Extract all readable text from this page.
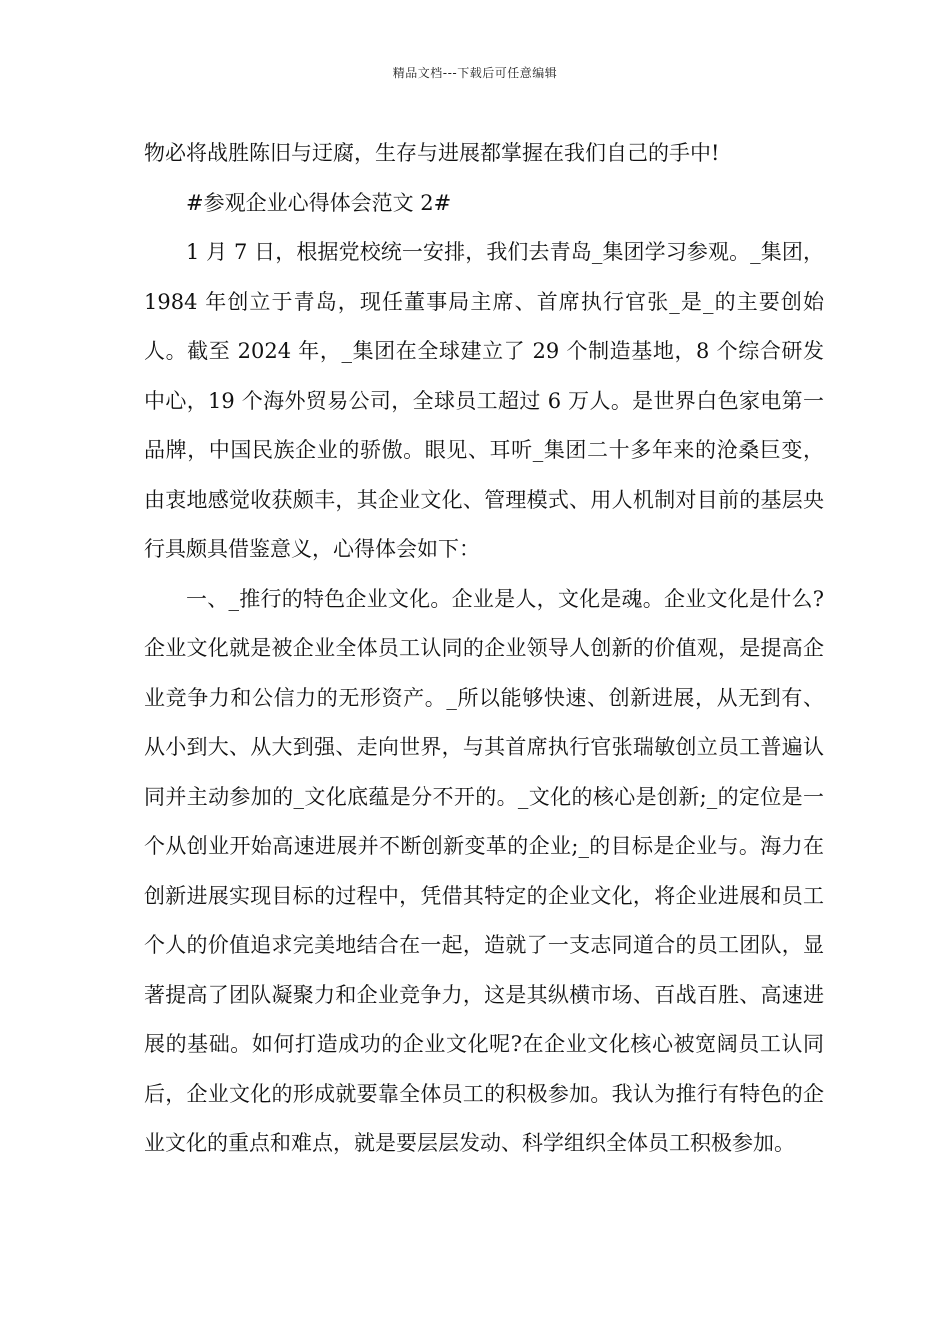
精品文档---下载后可任意编辑

物必将战胜陈旧与迂腐，生存与进展都掌握在我们自己的手中!

#参观企业心得体会范文 2#

1 月 7 日，根据党校统一安排，我们去青岛_集团学习参观。_集团，1984 年创立于青岛，现任董事局主席、首席执行官张_是_的主要创始人。截至 2024 年，_集团在全球建立了 29 个制造基地，8 个综合研发中心，19 个海外贸易公司，全球员工超过 6 万人。是世界白色家电第一品牌，中国民族企业的骄傲。眼见、耳听_集团二十多年来的沧桑巨变，由衷地感觉收获颇丰，其企业文化、管理模式、用人机制对目前的基层央行具颇具借鉴意义，心得体会如下：

一、_推行的特色企业文化。企业是人，文化是魂。企业文化是什么?企业文化就是被企业全体员工认同的企业领导人创新的价值观，是提高企业竞争力和公信力的无形资产。_所以能够快速、创新进展，从无到有、从小到大、从大到强、走向世界，与其首席执行官张瑞敏创立员工普遍认同并主动参加的_文化底蕴是分不开的。_文化的核心是创新;_的定位是一个从创业开始高速进展并不断创新变革的企业;_的目标是企业与。海力在创新进展实现目标的过程中，凭借其特定的企业文化，将企业进展和员工个人的价值追求完美地结合在一起，造就了一支志同道合的员工团队，显著提高了团队凝聚力和企业竞争力，这是其纵横市场、百战百胜、高速进展的基础。如何打造成功的企业文化呢?在企业文化核心被宽阔员工认同后，企业文化的形成就要靠全体员工的积极参加。我认为推行有特色的企业文化的重点和难点，就是要层层发动、科学组织全体员工积极参加。
